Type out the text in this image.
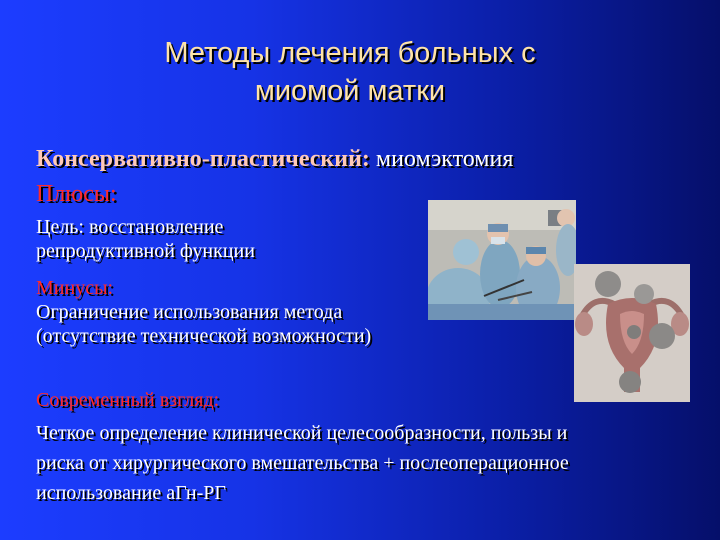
Методы лечения больных с
миомой матки
Консервативно-пластический: миомэктомия
Плюсы:
Цель: восстановление
репродуктивной функции
Минусы:
Ограничение использования метода
(отсутствие технической возможности)
Современный взгляд:
Четкое определение клинической целесообразности, пользы и
риска от хирургического вмешательства + послеоперационное
использование аГн-РГ
